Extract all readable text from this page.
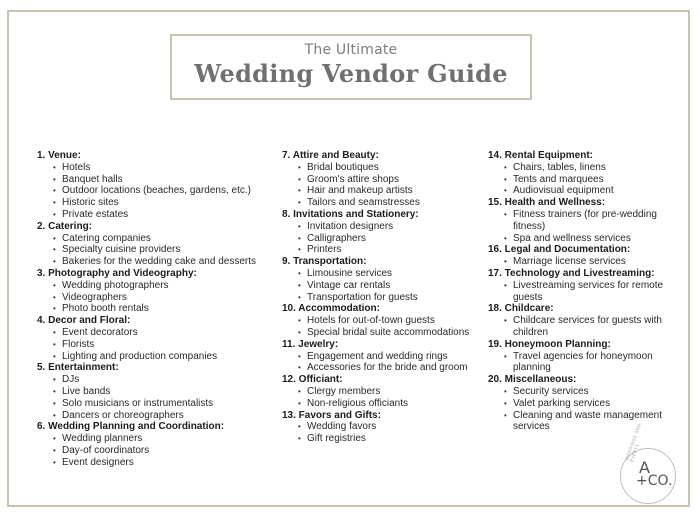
The Ultimate
Wedding Vendor Guide
1. Venue:
• Hotels
• Banquet halls
• Outdoor locations (beaches, gardens, etc.)
• Historic sites
• Private estates
2. Catering:
• Catering companies
• Specialty cuisine providers
• Bakeries for the wedding cake and desserts
3. Photography and Videography:
• Wedding photographers
• Videographers
• Photo booth rentals
4. Decor and Floral:
• Event decorators
• Florists
• Lighting and production companies
5. Entertainment:
• DJs
• Live bands
• Solo musicians or instrumentalists
• Dancers or choreographers
6. Wedding Planning and Coordination:
• Wedding planners
• Day-of coordinators
• Event designers
7. Attire and Beauty:
• Bridal boutiques
• Groom's attire shops
• Hair and makeup artists
• Tailors and seamstresses
8. Invitations and Stationery:
• Invitation designers
• Calligraphers
• Printers
9. Transportation:
• Limousine services
• Vintage car rentals
• Transportation for guests
10. Accommodation:
• Hotels for out-of-town guests
• Special bridal suite accommodations
11. Jewelry:
• Engagement and wedding rings
• Accessories for the bride and groom
12. Officiant:
• Clergy members
• Non-religious officiants
13. Favors and Gifts:
• Wedding favors
• Gift registries
14. Rental Equipment:
• Chairs, tables, linens
• Tents and marquees
• Audiovisual equipment
15. Health and Wellness:
• Fitness trainers (for pre-wedding fitness)
• Spa and wellness services
16. Legal and Documentation:
• Marriage license services
17. Technology and Livestreaming:
• Livestreaming services for remote guests
18. Childcare:
• Childcare services for guests with children
19. Honeymoon Planning:
• Travel agencies for honeymoon planning
20. Miscellaneous:
• Security services
• Valet parking services
• Cleaning and waste management services	WEDDINGS AND EVENTS
A
+CO.
